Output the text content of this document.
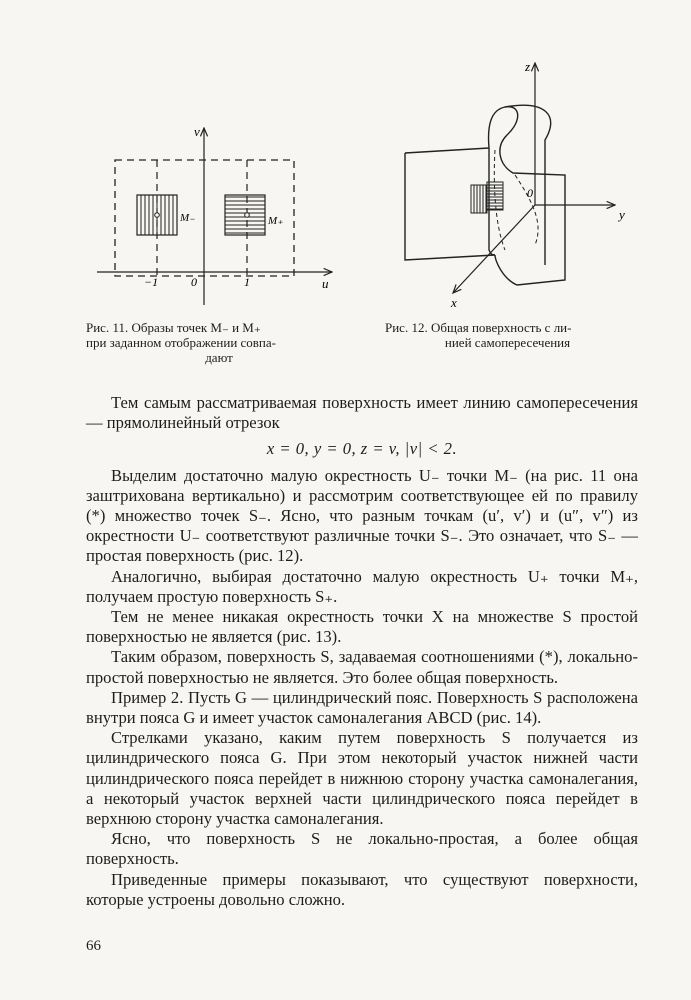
v
u
−1	0	1
M₋	M₊
z
y
x
0
Рис. 11. Образы точек M₋ и M₊
при заданном отображении совпа-

дают
Рис. 12. Общая поверхность с ли-

нией самопересечения

Тем самым рассматриваемая поверхность имеет линию самопересечения — прямолинейный отрезок

x = 0, y = 0, z = v, |v| < 2.

Выделим достаточно малую окрестность U₋ точки M₋ (на рис. 11 она заштрихована вертикально) и рассмотрим соответствующее ей по правилу (*) множество точек S₋. Ясно, что разным точкам (u′, v′) и (u″, v″) из окрестности U₋ соответствуют различные точки S₋. Это означает, что S₋ — простая поверхность (рис. 12).

Аналогично, выбирая достаточно малую окрестность U₊ точки M₊, получаем простую поверхность S₊.

Тем не менее никакая окрестность точки X на множестве S простой поверхностью не является (рис. 13).

Таким образом, поверхность S, задаваемая соотношениями (*), локально-простой поверхностью не является. Это более общая поверхность.

Пример 2. Пусть G — цилиндрический пояс. Поверхность S расположена внутри пояса G и имеет участок самоналегания ABCD (рис. 14).

Стрелками указано, каким путем поверхность S получается из цилиндрического пояса G. При этом некоторый участок нижней части цилиндрического пояса перейдет в нижнюю сторону участка самоналегания, а некоторый участок верхней части цилиндрического пояса перейдет в верхнюю сторону участка самоналегания.

Ясно, что поверхность S не локально-простая, а более общая поверхность.

Приведенные примеры показывают, что существуют поверхности, которые устроены довольно сложно.

66
